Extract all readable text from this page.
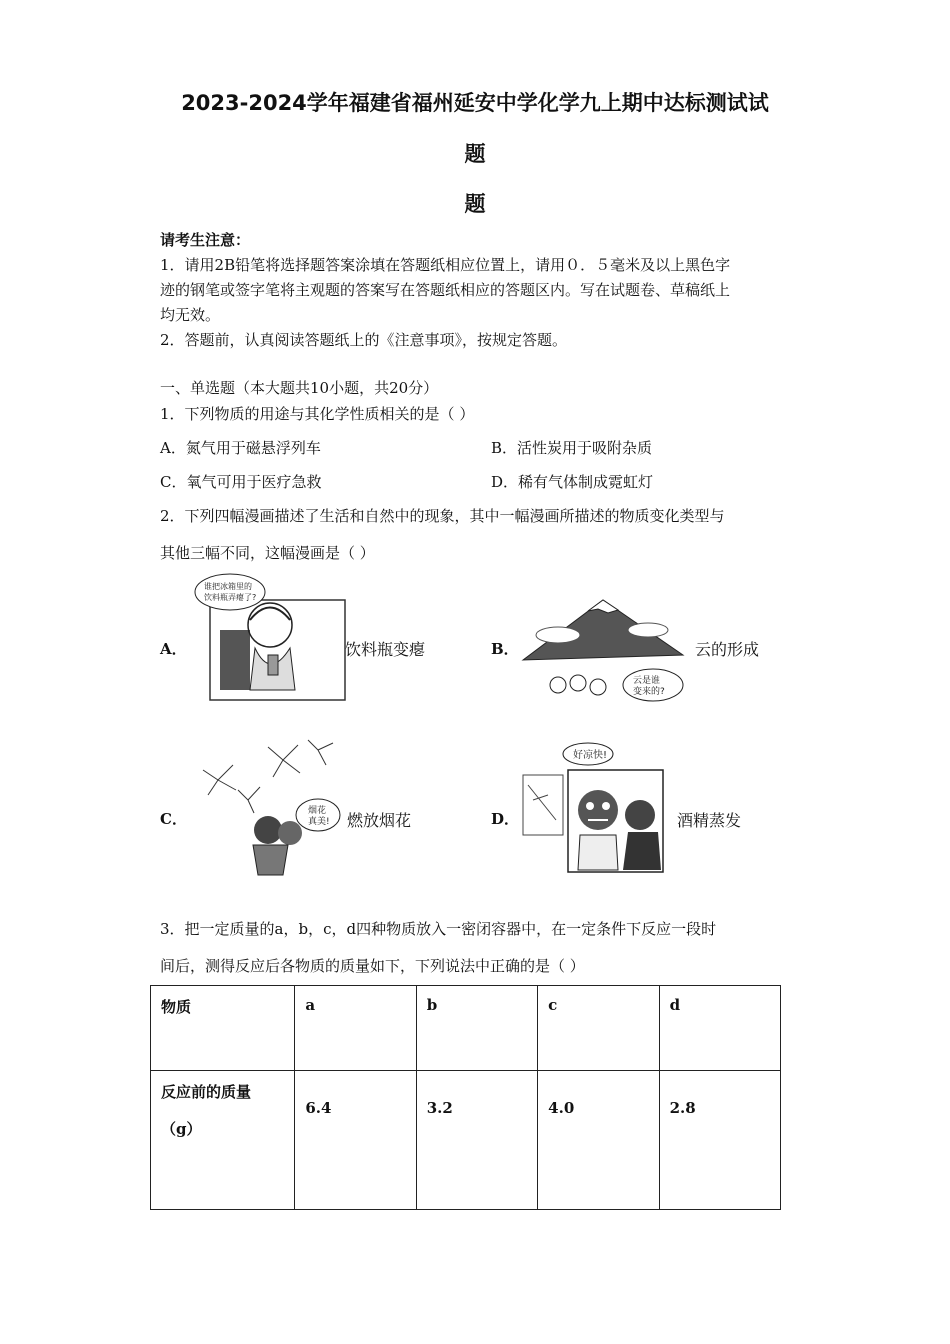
2023-2024学年福建省福州延安中学化学九上期中达标测试试
题
题
请考生注意：
1．请用2B铅笔将选择题答案涂填在答题纸相应位置上，请用０．５毫米及以上黑色字
迹的钢笔或签字笔将主观题的答案写在答题纸相应的答题区内。写在试题卷、草稿纸上
均无效。
2．答题前，认真阅读答题纸上的《注意事项》，按规定答题。
一、单选题（本大题共10小题，共20分）
1．下列物质的用途与其化学性质相关的是（ ）
A．氮气用于磁悬浮列车	B．活性炭用于吸附杂质
C．氧气可用于医疗急救	D．稀有气体制成霓虹灯
2．下列四幅漫画描述了生活和自然中的现象，其中一幅漫画所描述的物质变化类型与
其他三幅不同，这幅漫画是（ ）
A．
谁把冰箱里的
饮料瓶弄瘪了?
饮料瓶变瘪	B．
云是谁
变来的?
云的形成
C．	烟花
真美! 燃放烟花	D．
好凉快!
酒精蒸发
3．把一定质量的a，b，c，d四种物质放入一密闭容器中，在一定条件下反应一段时
间后，测得反应后各物质的质量如下，下列说法中正确的是（ ）
物质	a	b	c	d

反应前的质量
（g）	6.4	3.2	4.0	2.8
